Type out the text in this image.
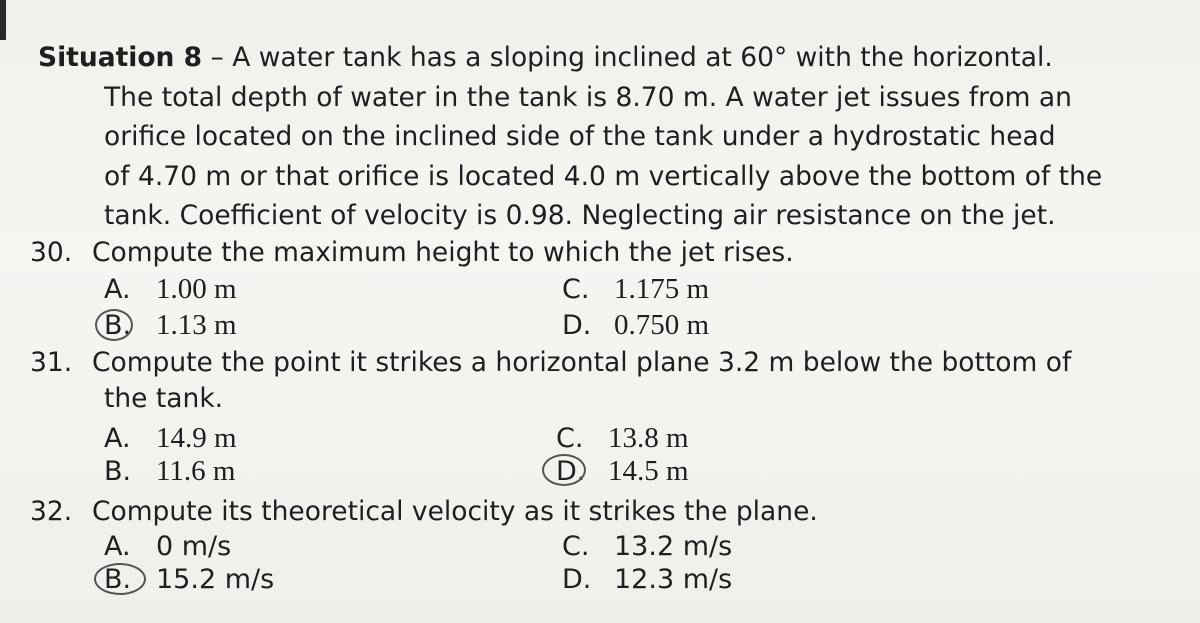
Situation 8 – A water tank has a sloping inclined at 60° with the horizontal.
The total depth of water in the tank is 8.70 m. A water jet issues from an
orifice located on the inclined side of the tank under a hydrostatic head
of 4.70 m or that orifice is located 4.0 m vertically above the bottom of the
tank. Coefficient of velocity is 0.98. Neglecting air resistance on the jet.
30. Compute the maximum height to which the jet rises.
A. 1.00 m
B. 1.13 m
C. 1.175 m
D. 0.750 m
31. Compute the point it strikes a horizontal plane 3.2 m below the bottom of
the tank.
A. 14.9 m
B. 11.6 m
C. 13.8 m
D. 14.5 m
32. Compute its theoretical velocity as it strikes the plane.
A. 0 m/s
B. 15.2 m/s
C. 13.2 m/s
D. 12.3 m/s
